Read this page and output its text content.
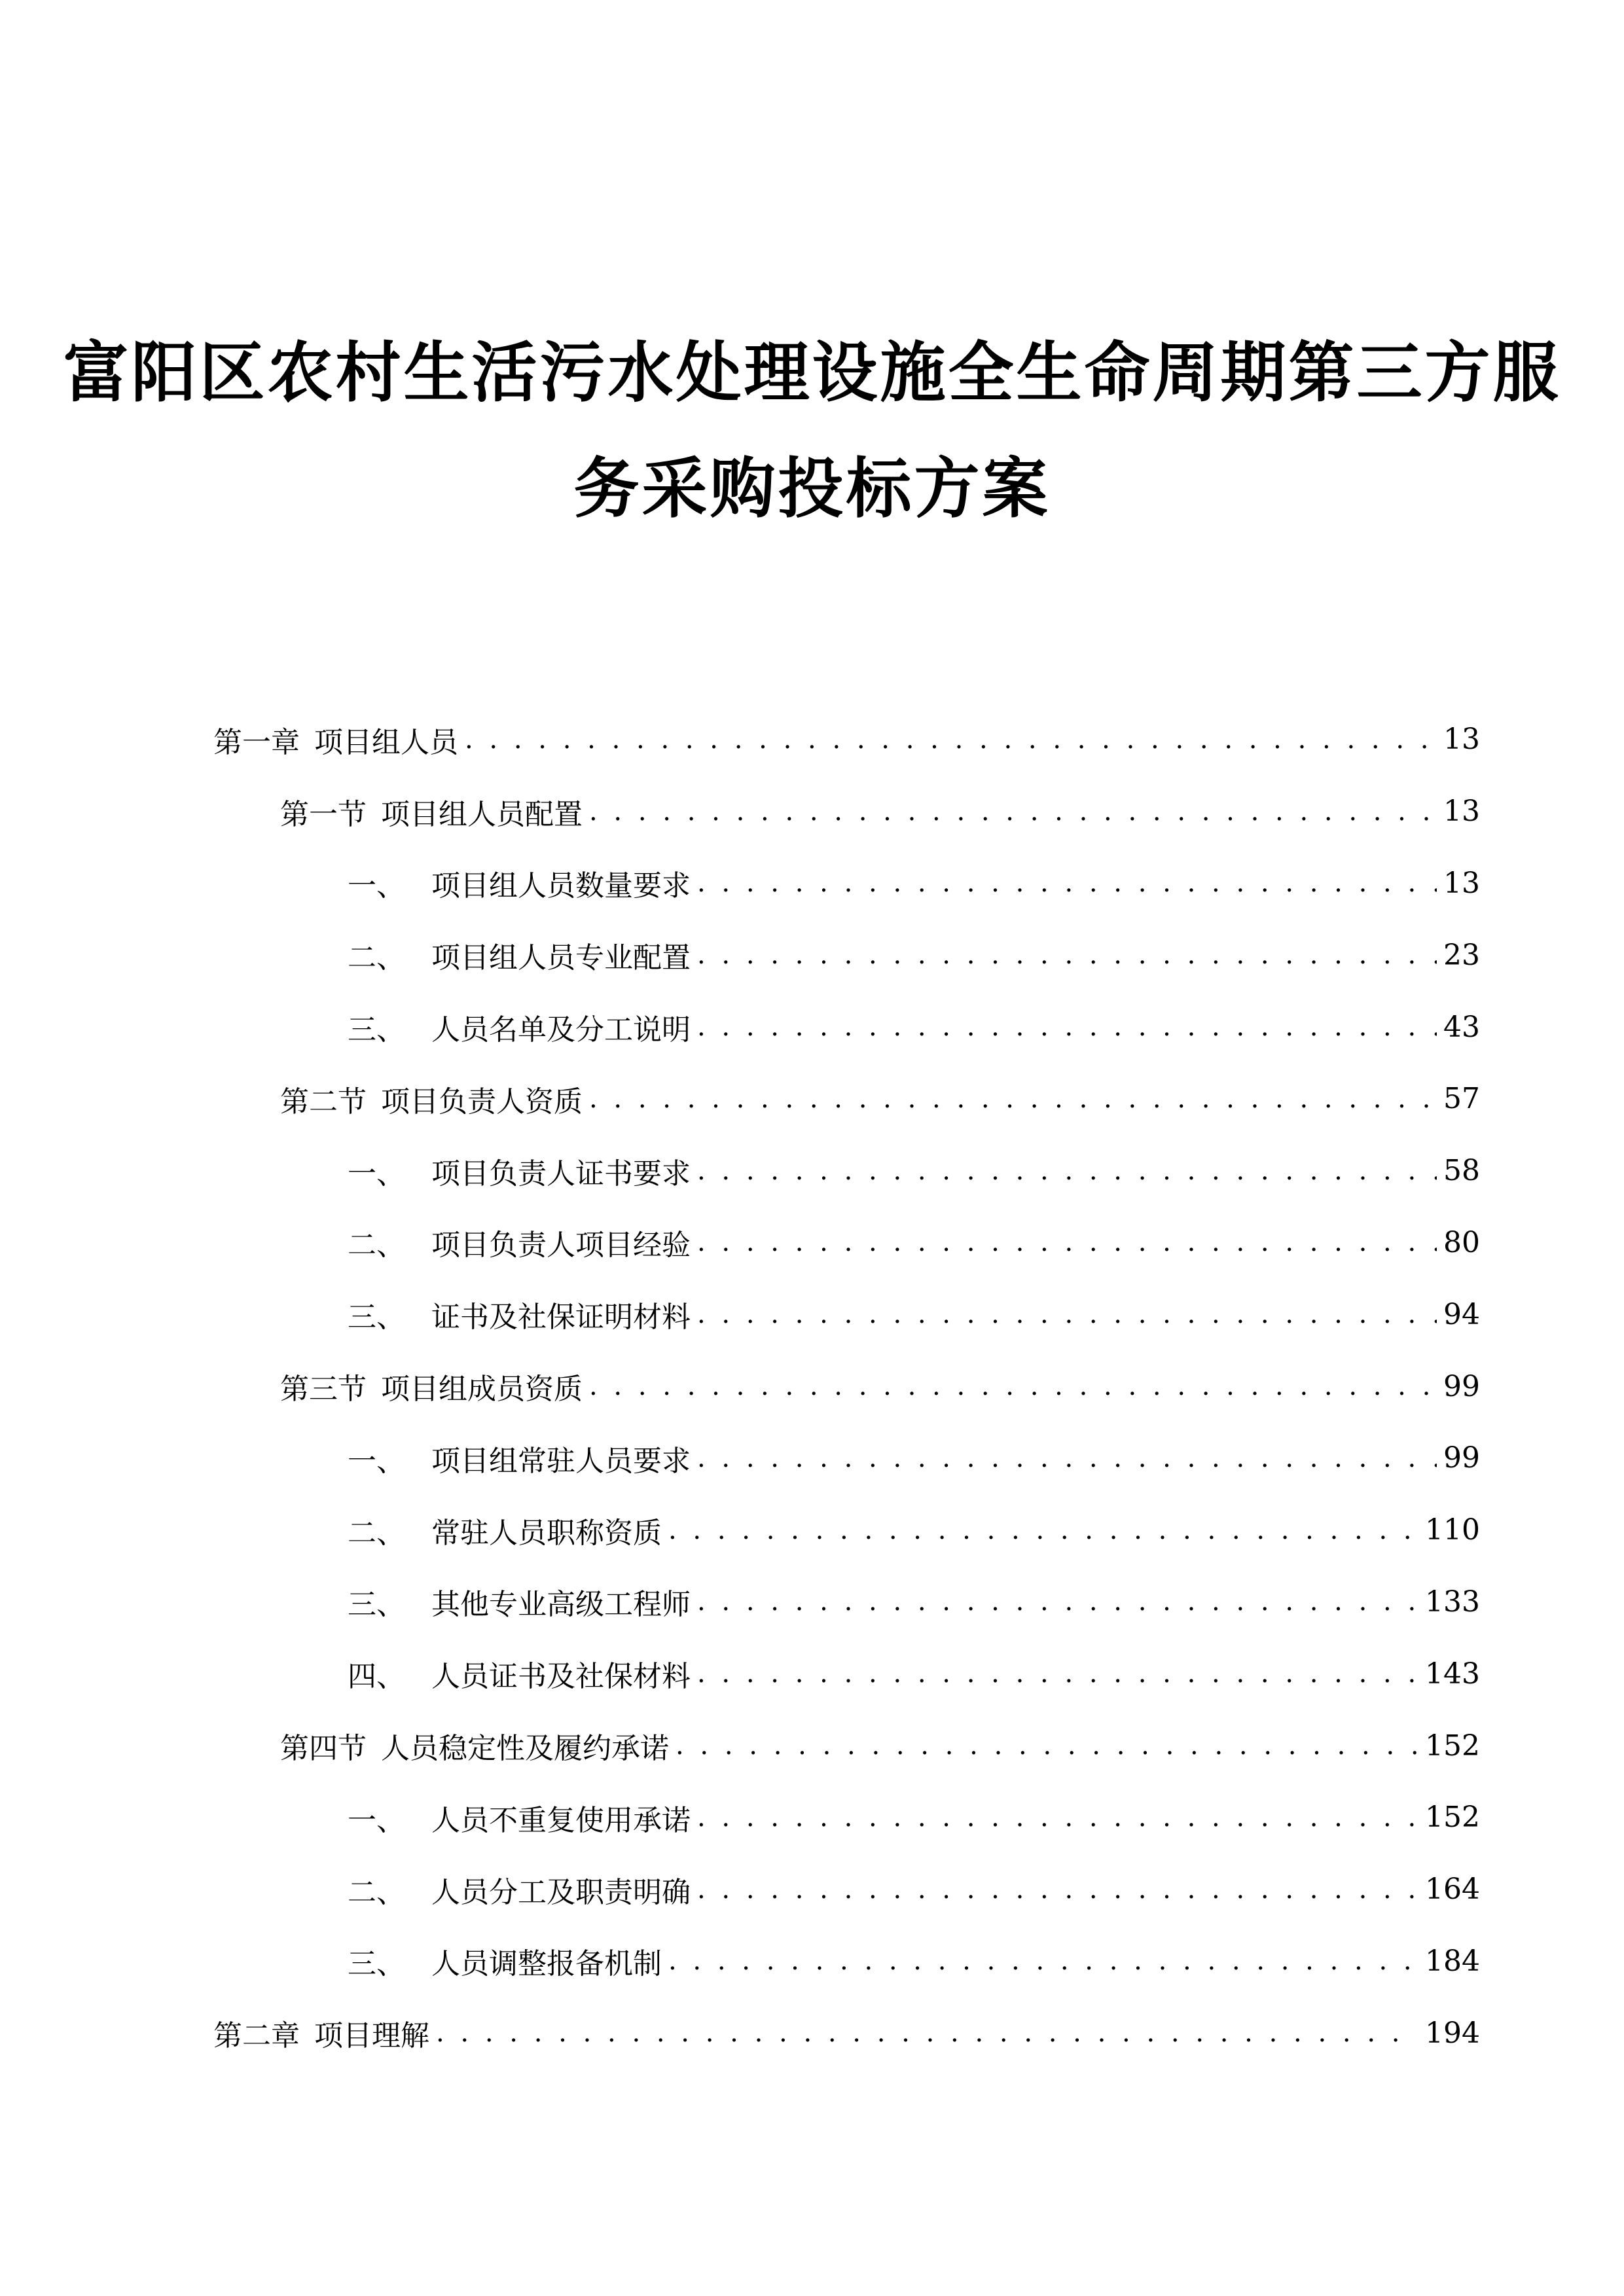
富阳区农村生活污水处理设施全生命周期第三方服
务采购投标方案
第一章 项目组人员 . . .	13
第一节 项目组人员配置 . . .	13
一、 项目组人员数量要求 . . .	13
二、 项目组人员专业配置 . . .	23
三、 人员名单及分工说明 . . .	43
第二节 项目负责人资质 . . .	57
一、 项目负责人证书要求 . . .	58
二、 项目负责人项目经验 . . .	80
三、 证书及社保证明材料 . . .	94
第三节 项目组成员资质 . . .	99
一、 项目组常驻人员要求 . . .	99
二、 常驻人员职称资质 . . .	110
三、 其他专业高级工程师 . . .	133
四、 人员证书及社保材料 . . .	143
第四节 人员稳定性及履约承诺 . . .	152
一、 人员不重复使用承诺 . . .	152
二、 人员分工及职责明确 . . .	164
三、 人员调整报备机制 . . .	184
第二章 项目理解 . . .	194
